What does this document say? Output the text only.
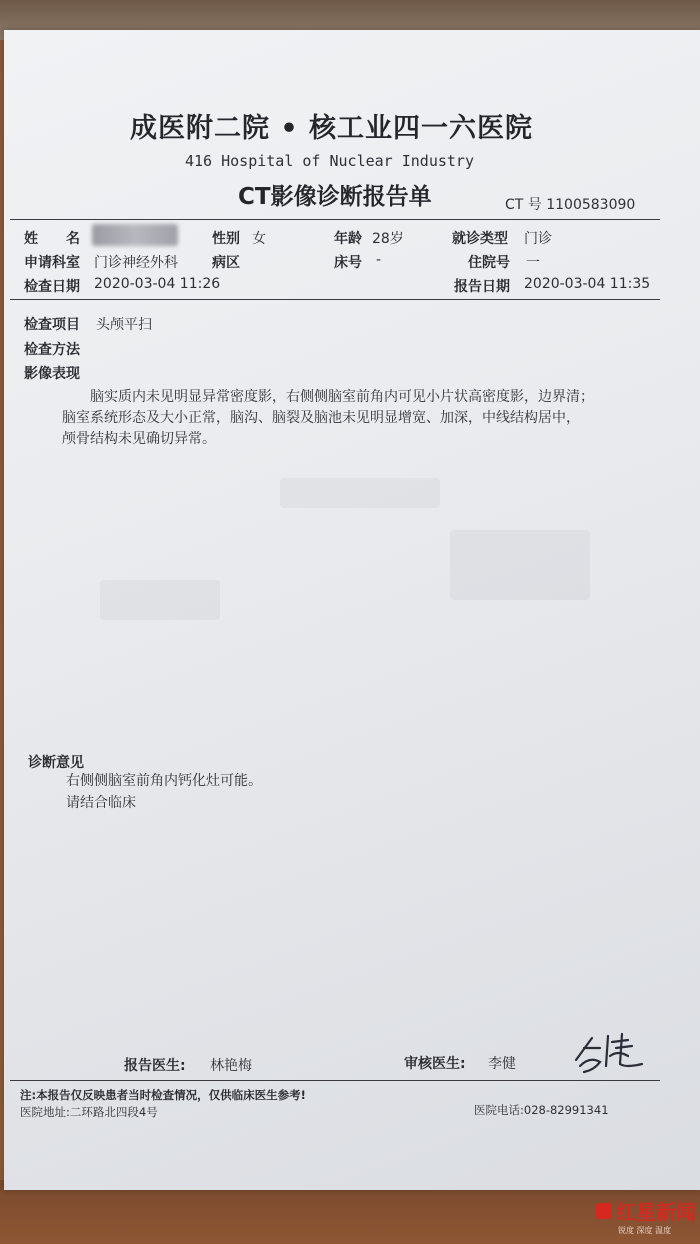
成医附二院 • 核工业四一六医院
416 Hospital of Nuclear Industry
CT影像诊断报告单	CT 号 1100583090
姓　　名	性别 女	年龄 28岁	就诊类型 门诊
申请科室 门诊神经外科 病区	床号 -	住院号 一
检查日期 2020-03-04 11:26	报告日期 2020-03-04 11:35
检查项目 头颅平扫
检查方法
影像表现

脑实质内未见明显异常密度影，右侧侧脑室前角内可见小片状高密度影，边界清；

脑室系统形态及大小正常，脑沟、脑裂及脑池未见明显增宽、加深，中线结构居中，

颅骨结构未见确切异常。

诊断意见
右侧侧脑室前角内钙化灶可能。
请结合临床
报告医生: 林艳梅	审核医生: 李健
注:本报告仅反映患者当时检查情况，仅供临床医生参考!
医院地址:二环路北四段4号	医院电话:028-82991341
红星新闻
锐度 深度 温度
